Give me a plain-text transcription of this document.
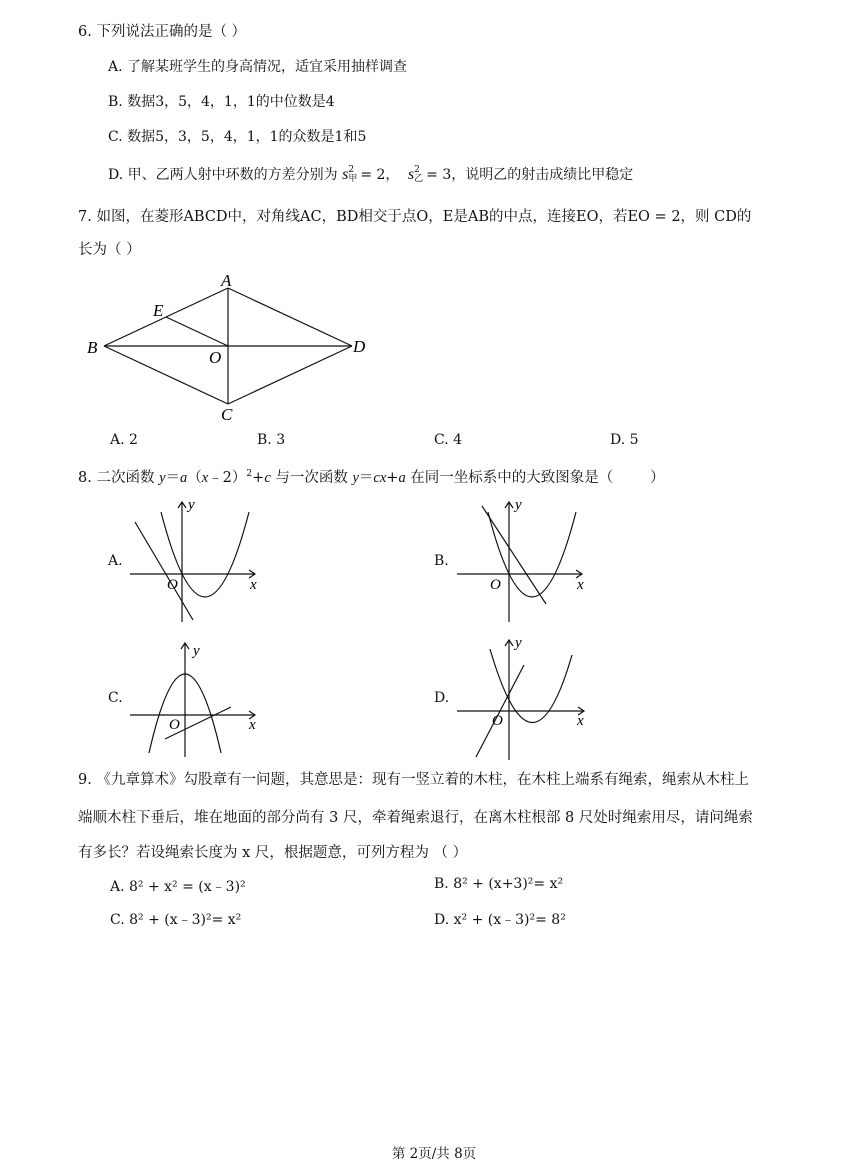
6. 下列说法正确的是（ ）
A. 了解某班学生的身高情况，适宜采用抽样调查
B. 数据3，5，4，1，1的中位数是4
C. 数据5，3，5，4，1，1的众数是1和5
D. 甲、乙两人射中环数的方差分别为 s 2
甲 = 2， s 2
乙 = 3，说明乙的射击成绩比甲稳定
7. 如图，在菱形ABCD中，对角线AC，BD相交于点O，E是AB的中点，连接EO，若EO = 2，则 CD的
长为（ ）
A
B
C
D
E
O
A. 2	B. 3	C. 4	D. 5
8. 二次函数 y＝a（x﹣2）$^2$+c 与一次函数 y＝cx+a 在同一坐标系中的大致图象是（        ）
A.
y
x
O
B.
y
x
O
C.
y
x
O
D.
y
x
O
9. 《九章算术》勾股章有一问题，其意思是：现有一竖立着的木柱，在木柱上端系有绳索，绳索从木柱上
端顺木柱下垂后，堆在地面的部分尚有 3 尺，牵着绳索退行，在离木柱根部 8 尺处时绳索用尽，请问绳索
有多长？若设绳索长度为 x 尺，根据题意，可列方程为 （ ）
A. 8² + x² = (x﹣3)²	B. 8² + (x+3)²= x²
C. 8² + (x﹣3)²= x²	D. x² + (x﹣3)²= 8²
第 2页/共 8页
